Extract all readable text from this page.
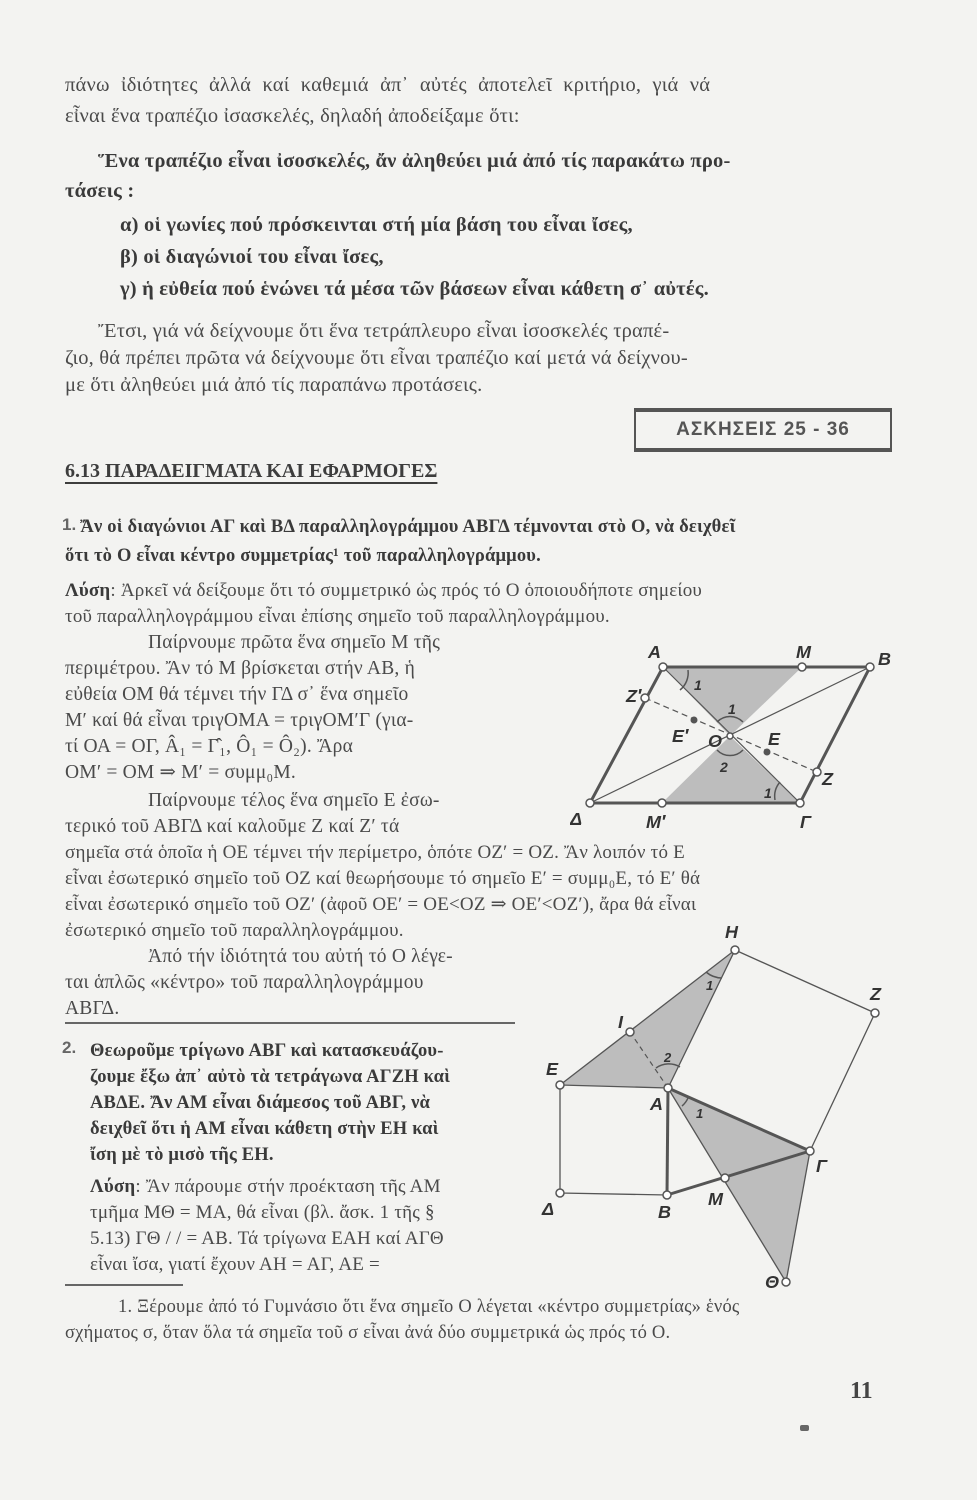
πάνω ἰδιότητες ἀλλά καί καθεμιά ἀπ᾽ αὐτές ἀποτελεῖ κριτήριο, γιά νά
εἶναι ἕνα τραπέζιο ἰσασκελές, δηλαδή ἀποδείξαμε ὅτι:
Ἕνα τραπέζιο εἶναι ἰσοσκελές, ἄν ἀληθεύει μιά ἀπό τίς παρακάτω προ-
τάσεις :
α) οἱ γωνίες πού πρόσκεινται στή μία βάση του εἶναι ἴσες,
β) οἱ διαγώνιοί του εἶναι ἴσες,
γ) ἡ εὐθεία πού ἑνώνει τά μέσα τῶν βάσεων εἶναι κάθετη σ᾽ αὐτές.
Ἔτσι, γιά νά δείχνουμε ὅτι ἕνα τετράπλευρο εἶναι ἰσοσκελές τραπέ-
ζιο, θά πρέπει πρῶτα νά δείχνουμε ὅτι εἶναι τραπέζιο καί μετά νά δείχνου-
με ὅτι ἀληθεύει μιά ἀπό τίς παραπάνω προτάσεις.
ΑΣΚΗΣΕΙΣ 25 - 36
6.13 ΠΑΡΑΔΕΙΓΜΑΤΑ ΚΑΙ ΕΦΑΡΜΟΓΕΣ
1. Ἄν οἱ διαγώνιοι ΑΓ καὶ ΒΔ παραλληλογράμμου ΑΒΓΔ τέμνονται στὸ Ο, νὰ δειχθεῖ
ὅτι τὸ Ο εἶναι κέντρο συμμετρίας¹ τοῦ παραλληλογράμμου.
Λύση: Ἀρκεῖ νά δείξουμε ὅτι τό συμμετρικό ὡς πρός τό Ο ὁποιουδήποτε σημείου
τοῦ παραλληλογράμμου εἶναι ἐπίσης σημεῖο τοῦ παραλληλογράμμου.
Παίρνουμε πρῶτα ἕνα σημεῖο Μ τῆς
περιμέτρου. Ἄν τό Μ βρίσκεται στήν ΑΒ, ἡ
εὐθεία ΟΜ θά τέμνει τήν ΓΔ σ᾽ ἕνα σημεῖο
Μ′ καί θά εἶναι τριγΟΜΑ = τριγΟΜ′Γ (για-
τί ΟΑ = ΟΓ, Â₁ = Γ̂₁, Ô₁ = Ô₂). Ἄρα
ΟΜ′ = ΟΜ ⇒ Μ′ = συμμ₀Μ.
Παίρνουμε τέλος ἕνα σημεῖο Ε ἐσω-
τερικό τοῦ ΑΒΓΔ καί καλοῦμε Ζ καί Ζ′ τά
σημεῖα στά ὁποῖα ἡ ΟΕ τέμνει τήν περίμετρο, ὁπότε ΟΖ′ = ΟΖ. Ἄν λοιπόν τό Ε
εἶναι ἐσωτερικό σημεῖο τοῦ ΟΖ καί θεωρήσουμε τό σημεῖο Ε′ = συμμ₀Ε, τό Ε′ θά
εἶναι ἐσωτερικό σημεῖο τοῦ ΟΖ′ (ἀφοῦ ΟΕ′ = ΟΕ<ΟΖ ⇒ ΟΕ′<ΟΖ′), ἄρα θά εἶναι
ἐσωτερικό σημεῖο τοῦ παραλληλογράμμου.
Ἀπό τήν ἰδιότητά του αὐτή τό Ο λέγε-
ται ἁπλῶς «κέντρο» τοῦ παραλληλογράμμου
ΑΒΓΔ.
Α	Μ	Β
Ζ′
Ε′ Ο	Ε
Ζ
Δ	Μ′	Γ
1
1
2
1
2. Θεωροῦμε τρίγωνο ΑΒΓ καὶ κατασκευάζου-
ζουμε ἔξω ἀπ᾽ αὐτὸ τὰ τετράγωνα ΑΓΖΗ καὶ
ΑΒΔΕ. Ἄν ΑΜ εἶναι διάμεσος τοῦ ΑΒΓ, νὰ
δειχθεῖ ὅτι ἡ ΑΜ εἶναι κάθετη στὴν ΕΗ καὶ
ἴση μὲ τὸ μισὸ τῆς ΕΗ.
Λύση: Ἄν πάρουμε στήν προέκταση τῆς ΑΜ
τμῆμα ΜΘ = ΜΑ, θά εἶναι (βλ. ἄσκ. 1 τῆς §
5.13) ΓΘ / / = ΑΒ. Τά τρίγωνα ΕΑΗ καί ΑΓΘ
εἶναι ἴσα, γιατί ἔχουν ΑΗ = ΑΓ, ΑΕ =
Η
Ζ
Ι
Ε
Α
Δ	Β
Μ
Γ
Θ
1
2
1
1. Ξέρουμε ἀπό τό Γυμνάσιο ὅτι ἕνα σημεῖο Ο λέγεται «κέντρο συμμετρίας» ἑνός
σχήματος σ, ὅταν ὅλα τά σημεῖα τοῦ σ εἶναι ἀνά δύο συμμετρικά ὡς πρός τό Ο.
11
